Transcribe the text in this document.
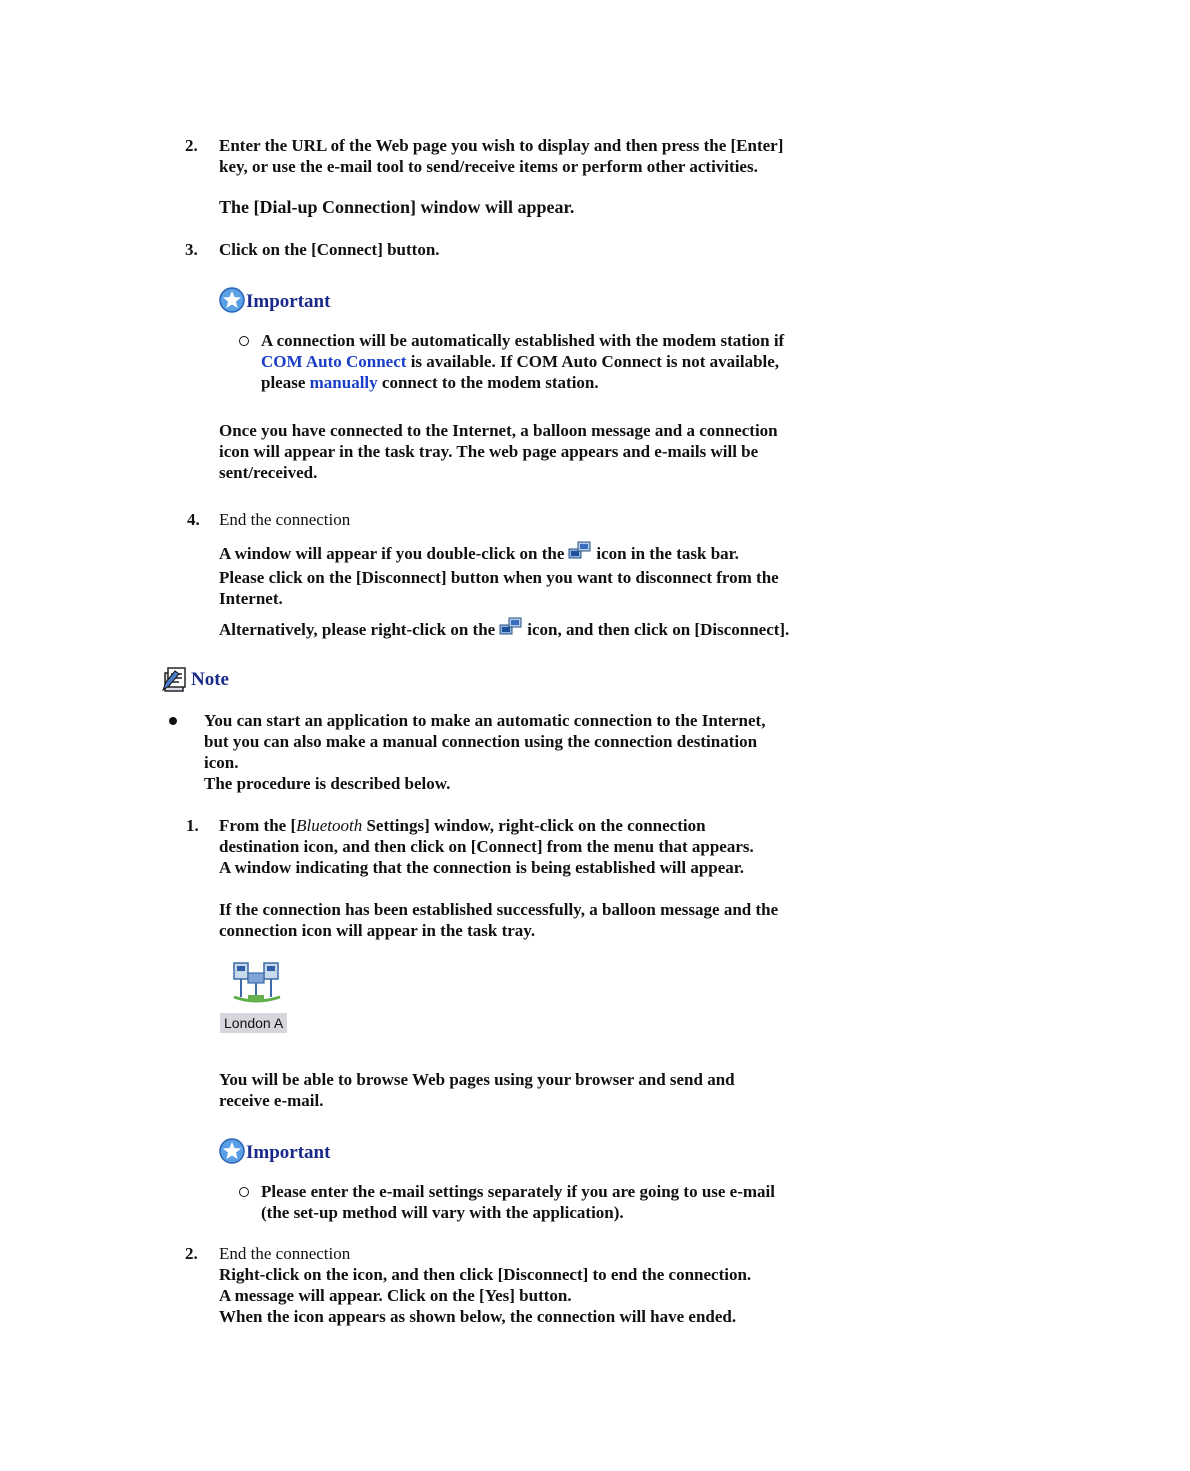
2. Enter the URL of the Web page you wish to display and then press the [Enter]
key, or use the e-mail tool to send/receive items or perform other activities.
The [Dial-up Connection] window will appear.
3. Click on the [Connect] button.
Important
A connection will be automatically established with the modem station if
COM Auto Connect is available. If COM Auto Connect is not available,
please manually connect to the modem station.
Once you have connected to the Internet, a balloon message and a connection
icon will appear in the task tray. The web page appears and e-mails will be
sent/received.
4. End the connection
A window will appear if you double-click on the icon in the task bar.
Please click on the [Disconnect] button when you want to disconnect from the
Internet.
Alternatively, please right-click on the icon, and then click on [Disconnect].
Note
You can start an application to make an automatic connection to the Internet,
but you can also make a manual connection using the connection destination
icon.
The procedure is described below.
1. From the [Bluetooth Settings] window, right-click on the connection
destination icon, and then click on [Connect] from the menu that appears.
A window indicating that the connection is being established will appear.
If the connection has been established successfully, a balloon message and the
connection icon will appear in the task tray.
London A
You will be able to browse Web pages using your browser and send and
receive e-mail.
Important
Please enter the e-mail settings separately if you are going to use e-mail
(the set-up method will vary with the application).
2. End the connection
Right-click on the icon, and then click [Disconnect] to end the connection.
A message will appear. Click on the [Yes] button.
When the icon appears as shown below, the connection will have ended.
